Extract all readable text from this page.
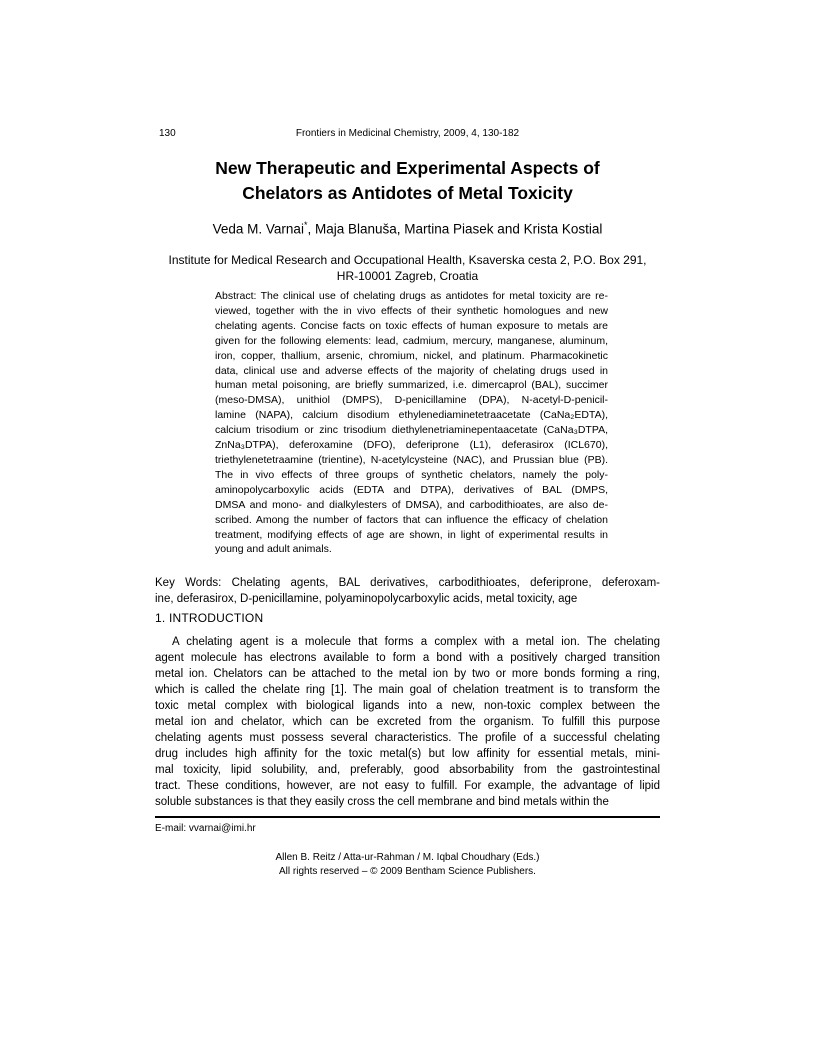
130	Frontiers in Medicinal Chemistry, 2009, 4, 130-182
New Therapeutic and Experimental Aspects of
Chelators as Antidotes of Metal Toxicity
Veda M. Varnai*, Maja Blanuša, Martina Piasek and Krista Kostial
Institute for Medical Research and Occupational Health, Ksaverska cesta 2, P.O. Box 291,
HR-10001 Zagreb, Croatia
Abstract: The clinical use of chelating drugs as antidotes for metal toxicity are re-
viewed, together with the in vivo effects of their synthetic homologues and new
chelating agents. Concise facts on toxic effects of human exposure to metals are
given for the following elements: lead, cadmium, mercury, manganese, aluminum,
iron, copper, thallium, arsenic, chromium, nickel, and platinum. Pharmacokinetic
data, clinical use and adverse effects of the majority of chelating drugs used in
human metal poisoning, are briefly summarized, i.e. dimercaprol (BAL), succimer
(meso-DMSA), unithiol (DMPS), D-penicillamine (DPA), N-acetyl-D-penicil-
lamine (NAPA), calcium disodium ethylenediaminetetraacetate (CaNa₂EDTA),
calcium trisodium or zinc trisodium diethylenetriaminepentaacetate (CaNa₃DTPA,
ZnNa₃DTPA), deferoxamine (DFO), deferiprone (L1), deferasirox (ICL670),
triethylenetetraamine (trientine), N-acetylcysteine (NAC), and Prussian blue (PB).
The in vivo effects of three groups of synthetic chelators, namely the poly-
aminopolycarboxylic acids (EDTA and DTPA), derivatives of BAL (DMPS,
DMSA and mono- and dialkylesters of DMSA), and carbodithioates, are also de-
scribed. Among the number of factors that can influence the efficacy of chelation
treatment, modifying effects of age are shown, in light of experimental results in
young and adult animals.
Key Words: Chelating agents, BAL derivatives, carbodithioates, deferiprone, deferoxam-
ine, deferasirox, D-penicillamine, polyaminopolycarboxylic acids, metal toxicity, age
1. INTRODUCTION
A chelating agent is a molecule that forms a complex with a metal ion. The chelating
agent molecule has electrons available to form a bond with a positively charged transition
metal ion. Chelators can be attached to the metal ion by two or more bonds forming a ring,
which is called the chelate ring [1]. The main goal of chelation treatment is to transform the
toxic metal complex with biological ligands into a new, non-toxic complex between the
metal ion and chelator, which can be excreted from the organism. To fulfill this purpose
chelating agents must possess several characteristics. The profile of a successful chelating
drug includes high affinity for the toxic metal(s) but low affinity for essential metals, mini-
mal toxicity, lipid solubility, and, preferably, good absorbability from the gastrointestinal
tract. These conditions, however, are not easy to fulfill. For example, the advantage of lipid
soluble substances is that they easily cross the cell membrane and bind metals within the
E-mail: vvarnai@imi.hr
Allen B. Reitz / Atta-ur-Rahman / M. Iqbal Choudhary (Eds.)
All rights reserved – © 2009 Bentham Science Publishers.
